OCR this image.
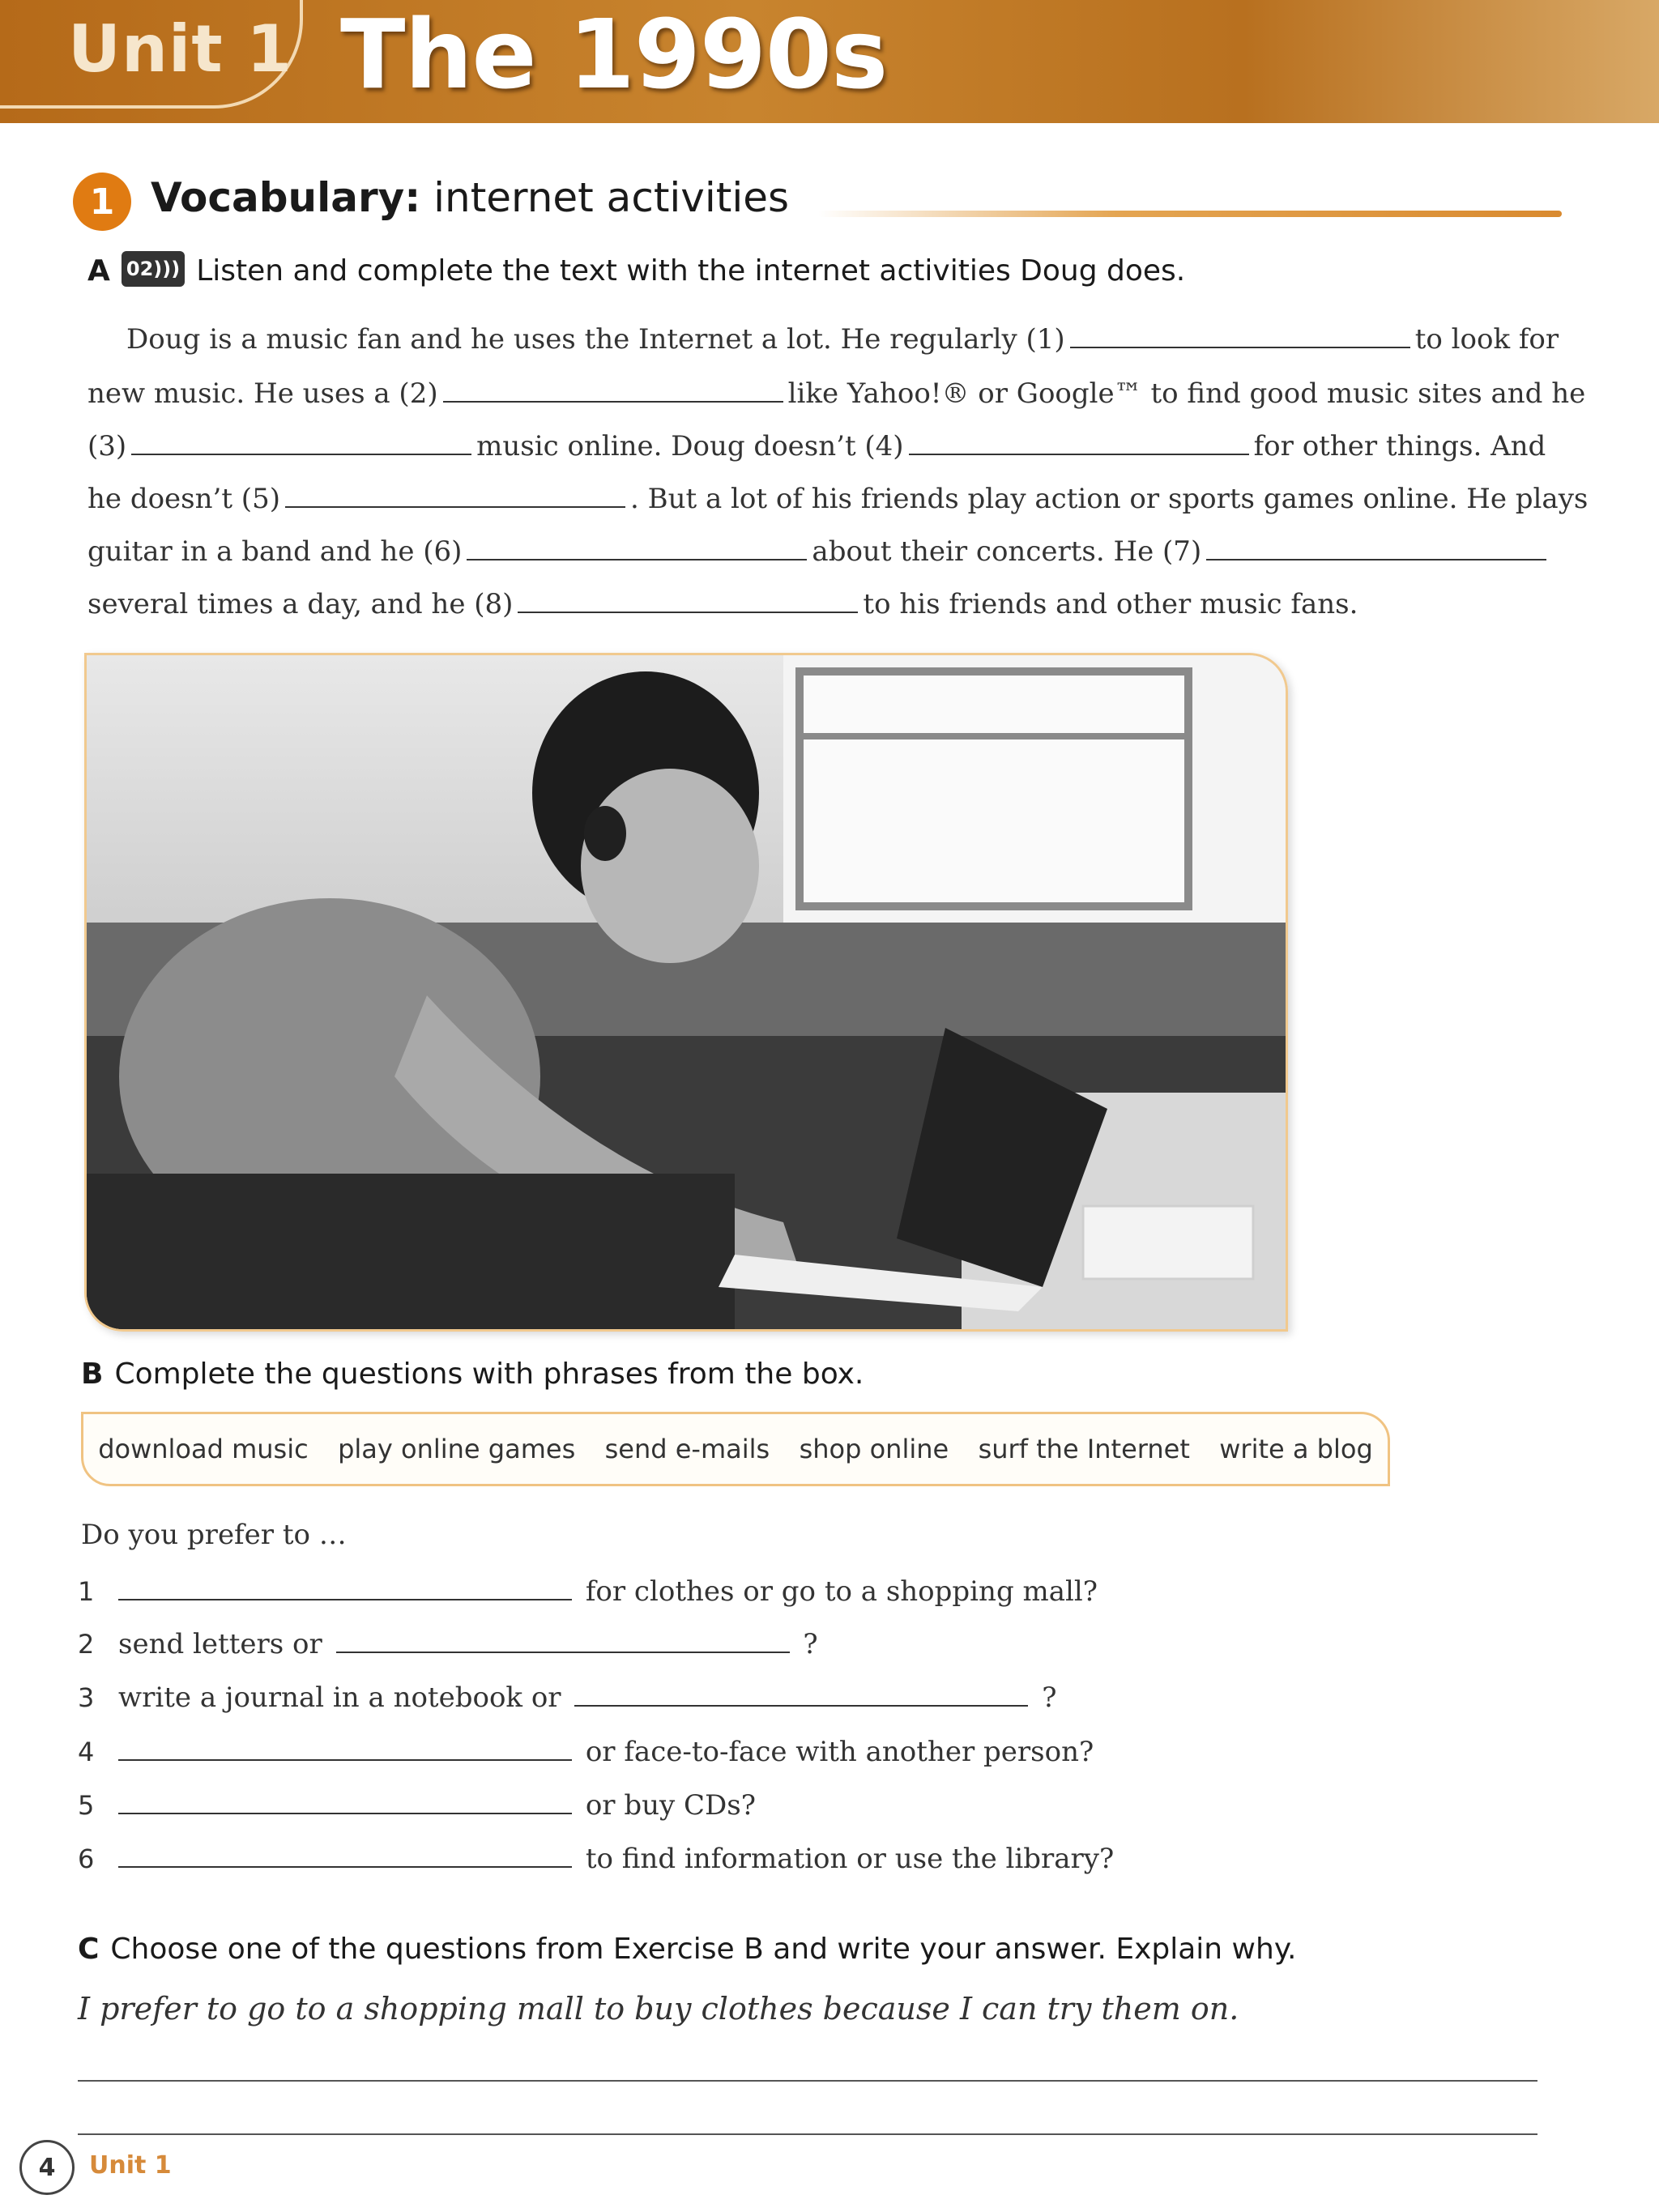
Unit 1 The 1990s
1 Vocabulary: internet activities
A 02))) Listen and complete the text with the internet activities Doug does.
Doug is a music fan and he uses the Internet a lot. He regularly (1)	to look for
new music. He uses a (2)	like Yahoo!® or Google™ to find good music sites and he
(3)	music online. Doug doesn’t (4)	for other things. And
he doesn’t (5)	. But a lot of his friends play action or sports games online. He plays
guitar in a band and he (6)	about their concerts. He (7)
several times a day, and he (8)	to his friends and other music fans.
B Complete the questions with phrases from the box.
download music play online games send e-mails shop online surf the Internet write a blog
Do you prefer to …
1	for clothes or go to a shopping mall?
2 send letters or	?
3 write a journal in a notebook or	?
4	or face-to-face with another person?
5	or buy CDs?
6	to find information or use the library?
C Choose one of the questions from Exercise B and write your answer. Explain why.
I prefer to go to a shopping mall to buy clothes because I can try them on.
4	Unit 1
